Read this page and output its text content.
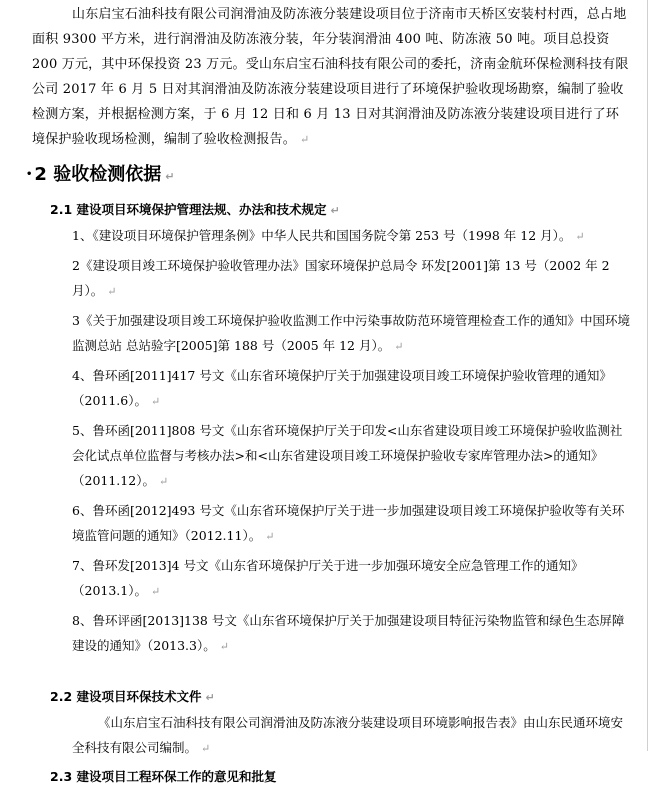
山东启宝石油科技有限公司润滑油及防冻液分装建设项目位于济南市天桥区安装村村西，总占地面积 9300 平方米，进行润滑油及防冻液分装，年分装润滑油 400 吨、防冻液 50 吨。项目总投资 200 万元，其中环保投资 23 万元。受山东启宝石油科技有限公司的委托，济南金航环保检测科技有限公司 2017 年 6 月 5 日对其润滑油及防冻液分装建设项目进行了环境保护验收现场勘察，编制了验收检测方案，并根据检测方案，于 6 月 12 日和 6 月 13 日对其润滑油及防冻液分装建设项目进行了环境保护验收现场检测，编制了验收检测报告。 ↵

• 2 验收检测依据 ↵
2.1 建设项目环境保护管理法规、办法和技术规定 ↵

1、《建设项目环境保护管理条例》中华人民共和国国务院令第 253 号（1998 年 12 月）。 ↵

2《建设项目竣工环境保护验收管理办法》国家环境保护总局令 环发[2001]第 13 号（2002 年 2 月）。 ↵

3《关于加强建设项目竣工环境保护验收监测工作中污染事故防范环境管理检查工作的通知》中国环境监测总站 总站验字[2005]第 188 号（2005 年 12 月）。 ↵

4、鲁环函[2011]417 号文《山东省环境保护厅关于加强建设项目竣工环境保护验收管理的通知》（2011.6）。 ↵

5、鲁环函[2011]808 号文《山东省环境保护厅关于印发<山东省建设项目竣工环境保护验收监测社会化试点单位监督与考核办法>和<山东省建设项目竣工环境保护验收专家库管理办法>的通知》（2011.12）。 ↵

6、鲁环函[2012]493 号文《山东省环境保护厅关于进一步加强建设项目竣工环境保护验收等有关环境监管问题的通知》（2012.11）。 ↵

7、鲁环发[2013]4 号文《山东省环境保护厅关于进一步加强环境安全应急管理工作的通知》（2013.1）。 ↵

8、鲁环评函[2013]138 号文《山东省环境保护厅关于加强建设项目特征污染物监管和绿色生态屏障建设的通知》（2013.3）。 ↵

2.2 建设项目环保技术文件 ↵

《山东启宝石油科技有限公司润滑油及防冻液分装建设项目环境影响报告表》由山东民通环境安全科技有限公司编制。 ↵

2.3 建设项目工程环保工作的意见和批复
